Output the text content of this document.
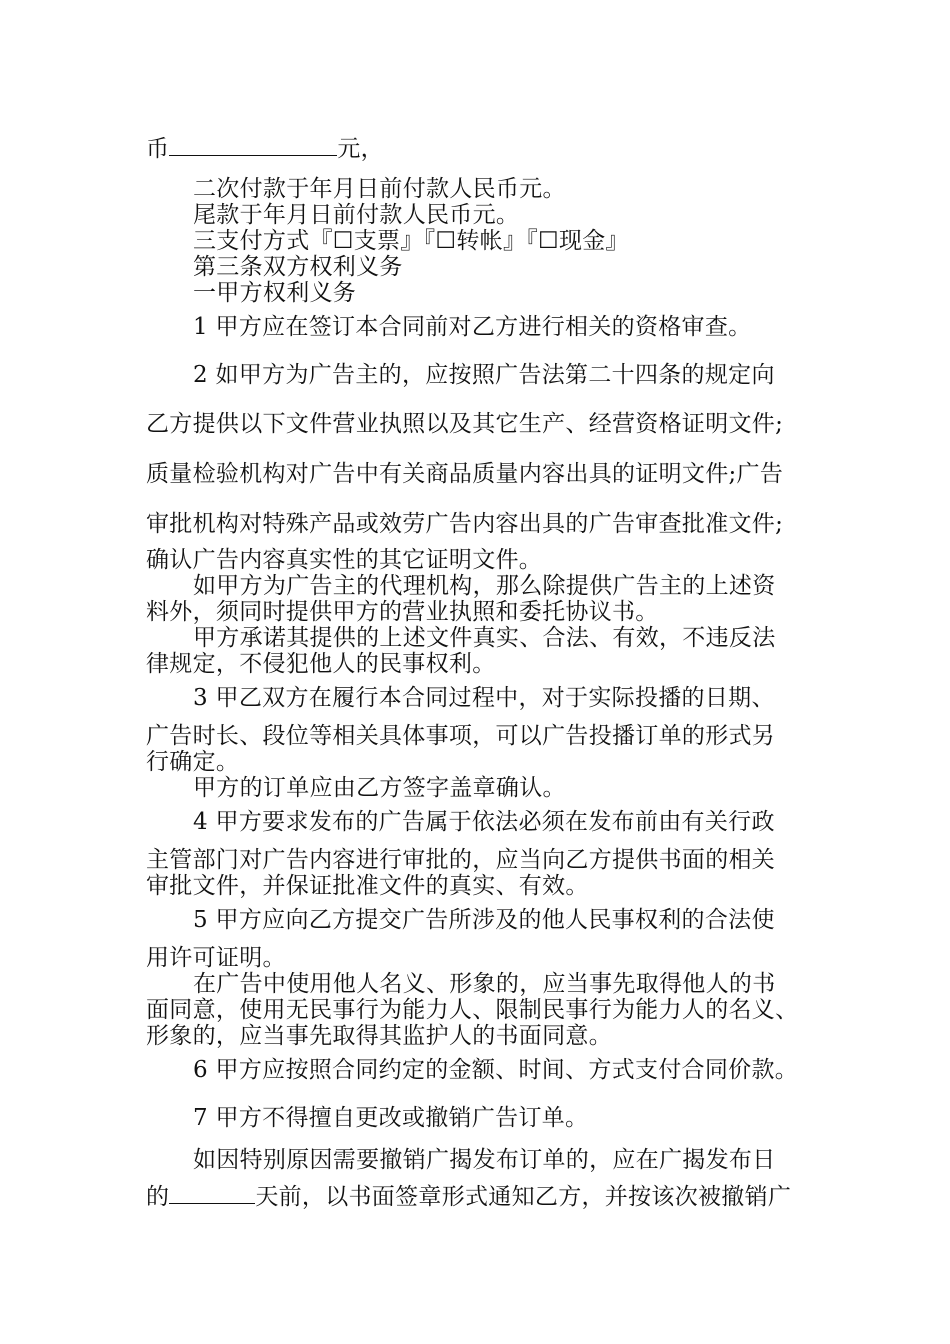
币	元，
二次付款于年月日前付款人民币元。
尾款于年月日前付款人民币元。
三支付方式『☐支票』『☐转帐』『☐现金』
第三条双方权利义务
一甲方权利义务
1 甲方应在签订本合同前对乙方进行相关的资格审查。
2 如甲方为广告主的，应按照广告法第二十四条的规定向
乙方提供以下文件营业执照以及其它生产、经营资格证明文件;
质量检验机构对广告中有关商品质量内容出具的证明文件;广告
审批机构对特殊产品或效劳广告内容出具的广告审查批准文件;
确认广告内容真实性的其它证明文件。
如甲方为广告主的代理机构，那么除提供广告主的上述资
料外，须同时提供甲方的营业执照和委托协议书。
甲方承诺其提供的上述文件真实、合法、有效，不违反法
律规定，不侵犯他人的民事权利。
3 甲乙双方在履行本合同过程中，对于实际投播的日期、
广告时长、段位等相关具体事项，可以广告投播订单的形式另
行确定。
甲方的订单应由乙方签字盖章确认。
4 甲方要求发布的广告属于依法必须在发布前由有关行政
主管部门对广告内容进行审批的，应当向乙方提供书面的相关
审批文件，并保证批准文件的真实、有效。
5 甲方应向乙方提交广告所涉及的他人民事权利的合法使
用许可证明。
在广告中使用他人名义、形象的，应当事先取得他人的书
面同意，使用无民事行为能力人、限制民事行为能力人的名义、
形象的，应当事先取得其监护人的书面同意。
6 甲方应按照合同约定的金额、时间、方式支付合同价款。
7 甲方不得擅自更改或撤销广告订单。
如因特别原因需要撤销广揭发布订单的，应在广揭发布日
的	天前，以书面签章形式通知乙方，并按该次被撤销广
